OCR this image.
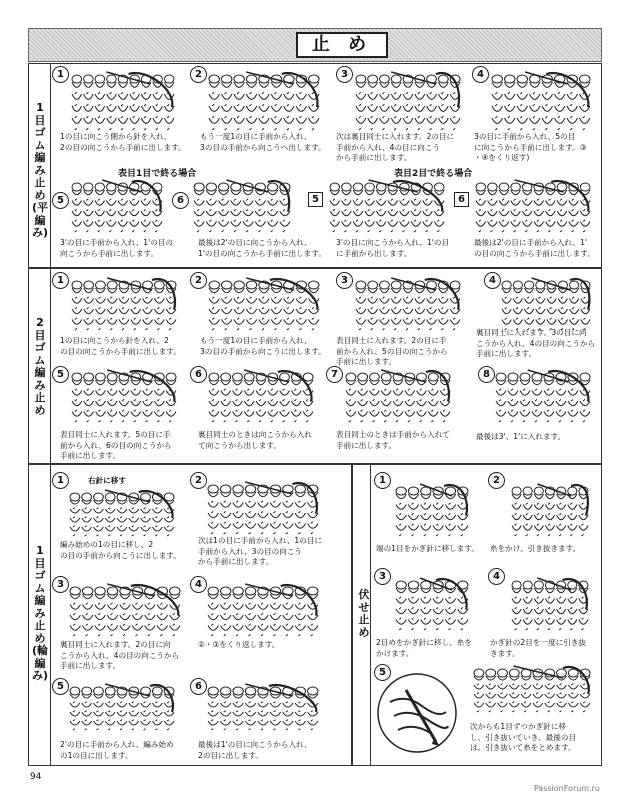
止 め
1
目
ゴ
ム
編
み
止
め
(平
編
み)
1	2	3	4
5	6	5	6
表目1目で終る場合	表目2目で終る場合
1の目に向こう側から針を入れ、
2の目の向こうから手前に出します。
もう一度1の目に手前から入れ、
3の目の手前から向こうへ出します。
次は裏目同士に入れます。2の目に
手前から入れ、4の目に向こう
から手前に出します。
3の目に手前から入れ、5の目
に向こうから手前に出します。③
・④をくり返す)
3'の目に手前から入れ、1'の目の
向こうから手前に出します。
最後は2'の目に向こうから入れ、
1'の目の向こうから手前に出します。
3'の目に向こうから入れ、1'の目
に手前から出します。
最後は2'の目に手前から入れ、1'
の目の向こうから手前に出します。
2
目
ゴ
ム
編
み
止
め
1	2	3	4
5	6	7	8
1の目に向こうから針を入れ、2
の目の向こうから手前に出します。
もう一度1の目に手前から入れ、
3の目の手前から向こうに出します。
表目同士に入れます。2の目に手
前から入れ、5の目の向こうから
手前に出します。
裏目同士に入れます。3の目に向
こうから入れ、4の目の向こうから
手前に出します。
表目同士に入れます。5の目に手
前から入れ、6の目の向こうから
手前に出します。
裏目同士のときは向こうから入れ
て向こうから出します。
表目同士のときは手前から入れて
手前に出します。
最後は3'、1'に入れます。
1
目
ゴ
ム
編
み
止
め
(輪
編
み)
1	2
3	4
5	6
右針に移す
編み始めの1の目に移し、2
の目の手前から向こうに出します。
次は1の目に手前から入れ、1の目に
手前から入れ、3の目の向こう
から手前に出します。
裏目同士に入れます。2の目に向
こうから入れ、4の目の向こうから
手前に出します。
②・③をくり返します。
2'の目に手前から入れ、編み始め
の1の目に出します。
最後は1'の目に向こうから入れ、
2の目に出します。
伏
せ
止
め
1	2
3	4
5
端の1目をかぎ針に移します。 糸をかけ、引き抜きます。
2目めをかぎ針に移し、糸を
かけます。
かぎ針の2目を一度に引き抜
きます。
次からも1目ずつかぎ針に移
し、引き抜いていき、最後の目
は、引き抜いて糸をとめます。
94
PassionForum.ru
